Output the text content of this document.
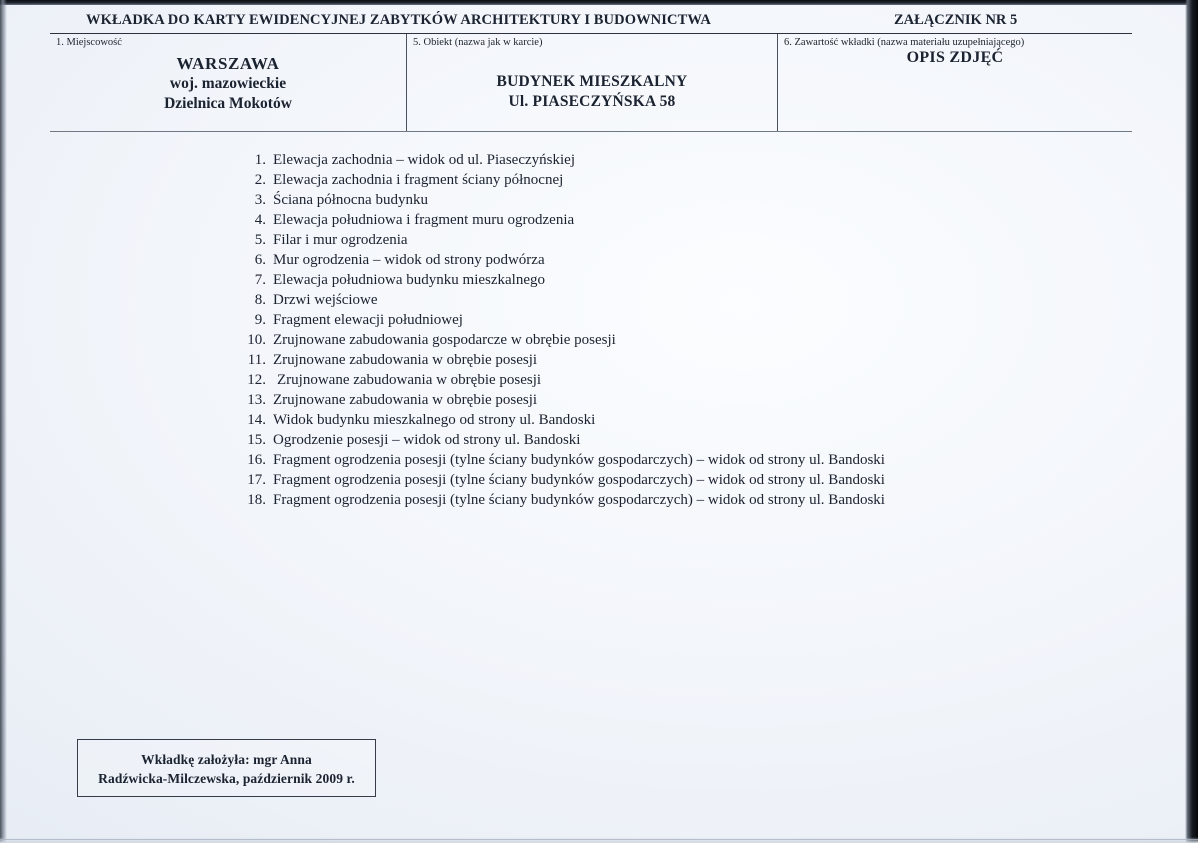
WKŁADKA DO KARTY EWIDENCYJNEJ ZABYTKÓW ARCHITEKTURY I BUDOWNICTWA	ZAŁĄCZNIK NR 5
1. Miejscowość
WARSZAWA
woj. mazowieckie
Dzielnica Mokotów
5. Obiekt (nazwa jak w karcie)
BUDYNEK MIESZKALNY
Ul. PIASECZYŃSKA 58
6. Zawartość wkładki (nazwa materiału uzupełniającego)
OPIS ZDJĘĆ
1. Elewacja zachodnia – widok od ul. Piaseczyńskiej
2. Elewacja zachodnia i fragment ściany północnej
3. Ściana północna budynku
4. Elewacja południowa i fragment muru ogrodzenia
5. Filar i mur ogrodzenia
6. Mur ogrodzenia – widok od strony podwórza
7. Elewacja południowa budynku mieszkalnego
8. Drzwi wejściowe
9. Fragment elewacji południowej
10. Zrujnowane zabudowania gospodarcze w obrębie posesji
11. Zrujnowane zabudowania w obrębie posesji
12. Zrujnowane zabudowania w obrębie posesji
13. Zrujnowane zabudowania w obrębie posesji
14. Widok budynku mieszkalnego od strony ul. Bandoski
15. Ogrodzenie posesji – widok od strony ul. Bandoski
16. Fragment ogrodzenia posesji (tylne ściany budynków gospodarczych) – widok od strony ul. Bandoski
17. Fragment ogrodzenia posesji (tylne ściany budynków gospodarczych) – widok od strony ul. Bandoski
18. Fragment ogrodzenia posesji (tylne ściany budynków gospodarczych) – widok od strony ul. Bandoski
Wkładkę założyła: mgr Anna
Radźwicka-Milczewska, październik 2009 r.
